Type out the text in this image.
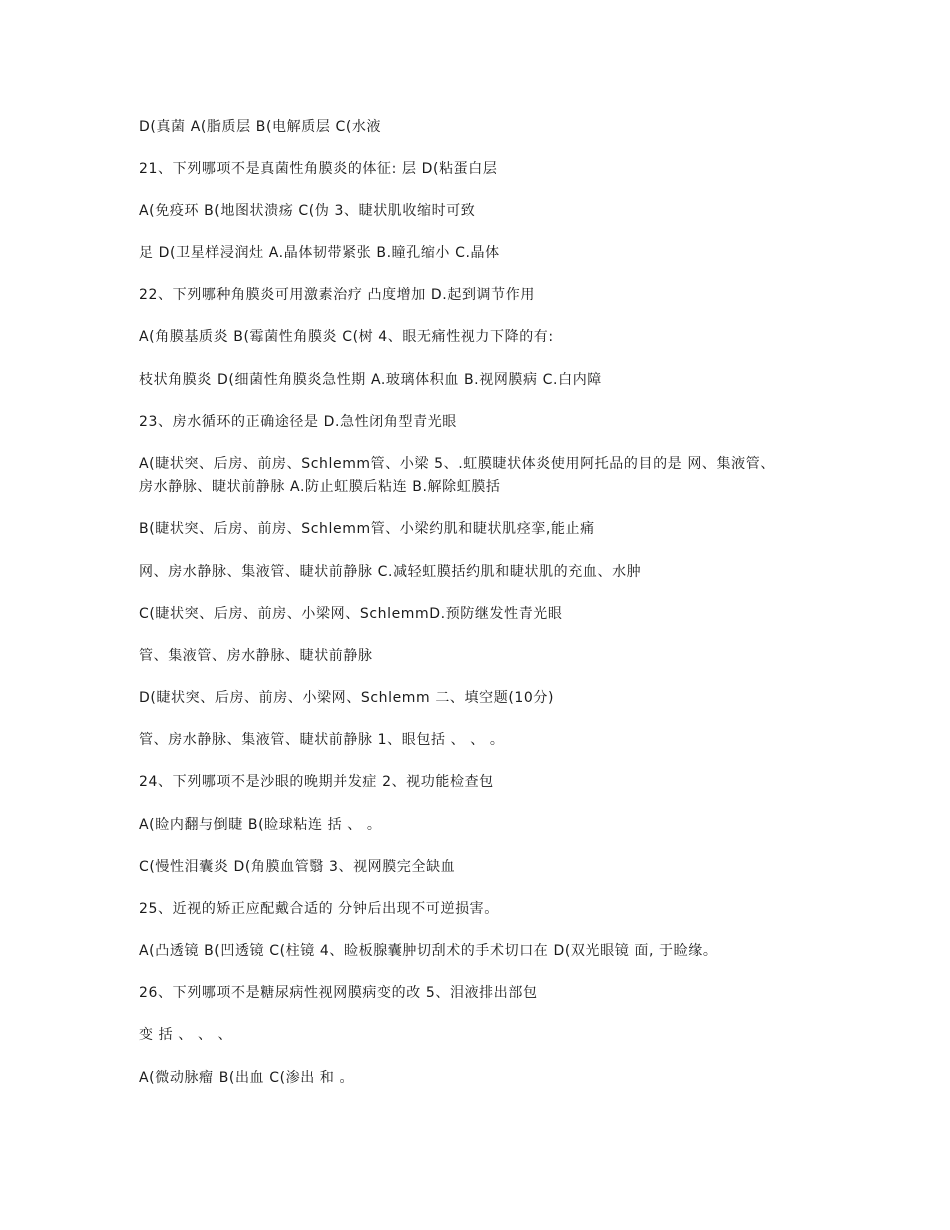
D(真菌 A(脂质层 B(电解质层 C(水液
21、下列哪项不是真菌性角膜炎的体征: 层 D(粘蛋白层
A(免疫环 B(地图状溃疡 C(伪 3、睫状肌收缩时可致
足 D(卫星样浸润灶 A.晶体韧带紧张 B.瞳孔缩小 C.晶体
22、下列哪种角膜炎可用激素治疗 凸度增加 D.起到调节作用
A(角膜基质炎 B(霉菌性角膜炎 C(树 4、眼无痛性视力下降的有:
枝状角膜炎 D(细菌性角膜炎急性期 A.玻璃体积血 B.视网膜病 C.白内障
23、房水循环的正确途径是 D.急性闭角型青光眼
A(睫状突、后房、前房、Schlemm管、小梁 5、.虹膜睫状体炎使用阿托品的目的是 网、集液管、
房水静脉、睫状前静脉 A.防止虹膜后粘连 B.解除虹膜括
B(睫状突、后房、前房、Schlemm管、小梁约肌和睫状肌痉挛,能止痛
网、房水静脉、集液管、睫状前静脉 C.减轻虹膜括约肌和睫状肌的充血、水肿
C(睫状突、后房、前房、小梁网、SchlemmD.预防继发性青光眼
管、集液管、房水静脉、睫状前静脉
D(睫状突、后房、前房、小梁网、Schlemm 二、填空题(10分)
管、房水静脉、集液管、睫状前静脉 1、眼包括 、 、 。
24、下列哪项不是沙眼的晚期并发症 2、视功能检查包
A(睑内翻与倒睫 B(睑球粘连 括 、 。
C(慢性泪囊炎 D(角膜血管翳 3、视网膜完全缺血
25、近视的矫正应配戴合适的 分钟后出现不可逆损害。
A(凸透镜 B(凹透镜 C(柱镜 4、睑板腺囊肿切刮术的手术切口在 D(双光眼镜 面, 于睑缘。
26、下列哪项不是糖尿病性视网膜病变的改 5、泪液排出部包
变 括 、 、 、
A(微动脉瘤 B(出血 C(渗出 和 。
